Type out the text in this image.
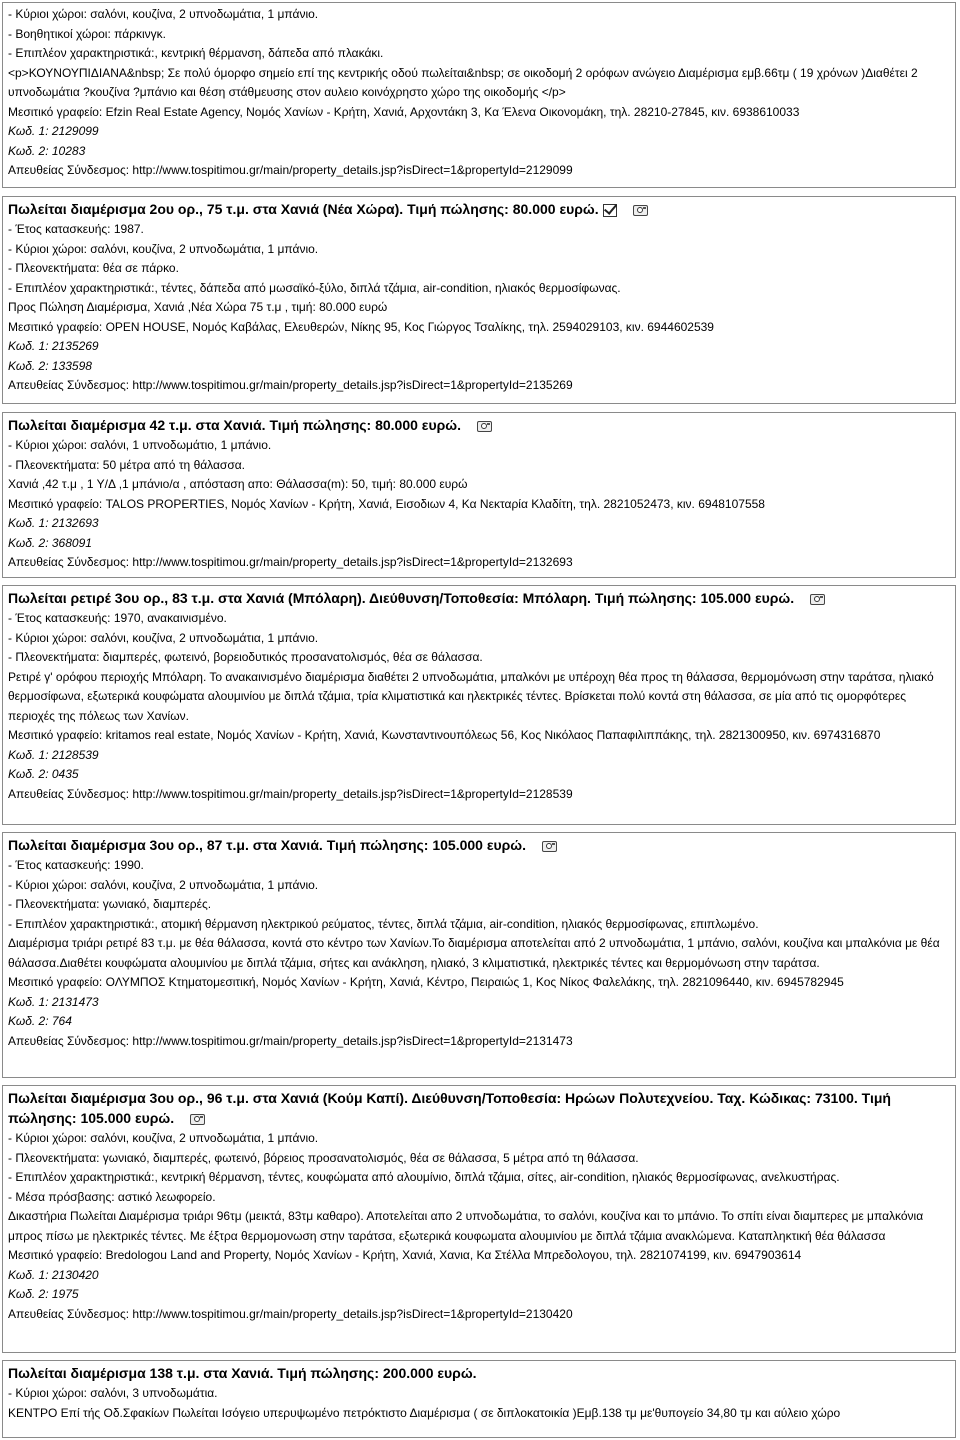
- Κύριοι χώροι: σαλόνι, κουζίνα, 2 υπνοδωμάτια, 1 μπάνιο.

- Βοηθητικοί χώροι: πάρκινγκ.

- Επιπλέον χαρακτηριστικά:, κεντρική θέρμανση, δάπεδα από πλακάκι.

<p>ΚΟΥΝΟΥΠΙΔΙΑΝΑ&nbsp; Σε πολύ όμορφο σημείο επί της κεντρικής οδού πωλείται&nbsp; σε οικοδομή 2 ορόφων ανώγειο Διαμέρισμα εμβ.66τμ ( 19 χρόνων )Διαθέτει 2 υπνοδωμάτια ?κουζίνα ?μπάνιο και θέση στάθμευσης στον αυλειο κοινόχρηστο χώρο της οικοδομής </p>

Μεσιτικό γραφείο: Efzin Real Estate Agency, Νομός Χανίων - Κρήτη, Χανιά, Αρχοντάκη 3, Κα Έλενα Οικονομάκη, τηλ. 28210-27845, κιν. 6938610033

Κωδ. 1: 2129099

Κωδ. 2: 10283

Απευθείας Σύνδεσμος: http://www.tospitimou.gr/main/property_details.jsp?isDirect=1&propertyId=2129099

Πωλείται διαμέρισμα 2ου ορ., 75 τ.μ. στα Χανιά (Νέα Χώρα). Τιμή πώλησης: 80.000 ευρώ.

- Έτος κατασκευής: 1987.

- Κύριοι χώροι: σαλόνι, κουζίνα, 2 υπνοδωμάτια, 1 μπάνιο.

- Πλεονεκτήματα: θέα σε πάρκο.

- Επιπλέον χαρακτηριστικά:, τέντες, δάπεδα από μωσαϊκό-ξύλο, διπλά τζάμια, air-condition, ηλιακός θερμοσίφωνας.

Προς Πώληση Διαμέρισμα, Χανιά ,Νέα Χώρα 75 τ.μ , τιμή: 80.000 ευρώ

Μεσιτικό γραφείο: OPEN HOUSE, Νομός Καβάλας, Ελευθερών, Νίκης 95, Κος Γιώργος Τσαλίκης, τηλ. 2594029103, κιν. 6944602539

Κωδ. 1: 2135269

Κωδ. 2: 133598

Απευθείας Σύνδεσμος: http://www.tospitimou.gr/main/property_details.jsp?isDirect=1&propertyId=2135269

Πωλείται διαμέρισμα 42 τ.μ. στα Χανιά. Τιμή πώλησης: 80.000 ευρώ.

- Κύριοι χώροι: σαλόνι, 1 υπνοδωμάτιο, 1 μπάνιο.

- Πλεονεκτήματα: 50 μέτρα από τη θάλασσα.

Χανιά ,42 τ.μ , 1 Υ/Δ ,1 μπάνιο/α , απόσταση απο: Θάλασσα(m): 50, τιμή: 80.000 ευρώ

Μεσιτικό γραφείο: TALOS PROPERTIES, Νομός Χανίων - Κρήτη, Χανιά, Εισοδιων 4, Κα Νεκταρία Κλαδίτη, τηλ. 2821052473, κιν. 6948107558

Κωδ. 1: 2132693

Κωδ. 2: 368091

Απευθείας Σύνδεσμος: http://www.tospitimou.gr/main/property_details.jsp?isDirect=1&propertyId=2132693

Πωλείται ρετιρέ 3ου ορ., 83 τ.μ. στα Χανιά (Μπόλαρη). Διεύθυνση/Τοποθεσία: Μπόλαρη. Τιμή πώλησης: 105.000 ευρώ.

- Έτος κατασκευής: 1970, ανακαινισμένο.

- Κύριοι χώροι: σαλόνι, κουζίνα, 2 υπνοδωμάτια, 1 μπάνιο.

- Πλεονεκτήματα: διαμπερές, φωτεινό, βορειοδυτικός προσανατολισμός, θέα σε θάλασσα.

Ρετιρέ γ' ορόφου περιοχής Μπόλαρη. Το ανακαινισμένο διαμέρισμα διαθέτει 2 υπνοδωμάτια, μπαλκόνι με υπέροχη θέα προς τη θάλασσα, θερμομόνωση στην ταράτσα, ηλιακό θερμοσίφωνα, εξωτερικά κουφώματα αλουμινίου με διπλά τζάμια, τρία κλιματιστικά και ηλεκτρικές τέντες. Βρίσκεται πολύ κοντά στη θάλασσα, σε μία από τις ομορφότερες περιοχές της πόλεως των Χανίων.

Μεσιτικό γραφείο: kritamos real estate, Νομός Χανίων - Κρήτη, Χανιά, Κωνσταντινουπόλεως 56, Κος Νικόλαος Παπαφιλιππάκης, τηλ. 2821300950, κιν. 6974316870

Κωδ. 1: 2128539

Κωδ. 2: 0435

Απευθείας Σύνδεσμος: http://www.tospitimou.gr/main/property_details.jsp?isDirect=1&propertyId=2128539

Πωλείται διαμέρισμα 3ου ορ., 87 τ.μ. στα Χανιά. Τιμή πώλησης: 105.000 ευρώ.

- Έτος κατασκευής: 1990.

- Κύριοι χώροι: σαλόνι, κουζίνα, 2 υπνοδωμάτια, 1 μπάνιο.

- Πλεονεκτήματα: γωνιακό, διαμπερές.

- Επιπλέον χαρακτηριστικά:, ατομική θέρμανση ηλεκτρικού ρεύματος, τέντες, διπλά τζάμια, air-condition, ηλιακός θερμοσίφωνας, επιπλωμένο.

Διαμέρισμα τριάρι ρετιρέ 83 τ.μ. με θέα θάλασσα, κοντά στο κέντρο των Χανίων.Το διαμέρισμα αποτελείται από 2 υπνοδωμάτια, 1 μπάνιο, σαλόνι, κουζίνα και μπαλκόνια με θέα θάλασσα.Διαθέτει κουφώματα αλουμινίου με διπλά τζάμια, σήτες και ανάκληση, ηλιακό, 3 κλιματιστικά, ηλεκτρικές τέντες και θερμομόνωση στην ταράτσα.

Μεσιτικό γραφείο: ΟΛΥΜΠΟΣ Κτηματομεσιτική, Νομός Χανίων - Κρήτη, Χανιά, Κέντρο, Πειραιώς 1, Κος Νίκος Φαλελάκης, τηλ. 2821096440, κιν. 6945782945

Κωδ. 1: 2131473

Κωδ. 2: 764

Απευθείας Σύνδεσμος: http://www.tospitimou.gr/main/property_details.jsp?isDirect=1&propertyId=2131473

Πωλείται διαμέρισμα 3ου ορ., 96 τ.μ. στα Χανιά (Κούμ Καπί). Διεύθυνση/Τοποθεσία: Ηρώων Πολυτεχνείου. Ταχ. Κώδικας: 73100. Τιμή πώλησης: 105.000 ευρώ.

- Κύριοι χώροι: σαλόνι, κουζίνα, 2 υπνοδωμάτια, 1 μπάνιο.

- Πλεονεκτήματα: γωνιακό, διαμπερές, φωτεινό, βόρειος προσανατολισμός, θέα σε θάλασσα, 5 μέτρα από τη θάλασσα.

- Επιπλέον χαρακτηριστικά:, κεντρική θέρμανση, τέντες, κουφώματα από αλουμίνιο, διπλά τζάμια, σίτες, air-condition, ηλιακός θερμοσίφωνας, ανελκυστήρας.

- Μέσα πρόσβασης: αστικό λεωφορείο.

Δικαστήρια Πωλείται Διαμέρισμα τριάρι 96τμ (μεικτά, 83τμ καθαρο). Αποτελείται απο 2 υπνοδωμάτια, το σαλόνι, κουζίνα και το μπάνιο. Το σπίτι είναι διαμπερες με μπαλκόνια μπρος πίσω με ηλεκτρικές τέντες. Με έξτρα θερμομονωση στην ταράτσα, εξωτερικά κουφωματα αλουμινίου με διπλά τζάμια ανακλώμενα. Καταπληκτική θέα θάλασσα

Μεσιτικό γραφείο: Bredologou Land and Property, Νομός Χανίων - Κρήτη, Χανιά, Χανια, Κα Στέλλα Μπρεδολογου, τηλ. 2821074199, κιν. 6947903614

Κωδ. 1: 2130420

Κωδ. 2: 1975

Απευθείας Σύνδεσμος: http://www.tospitimou.gr/main/property_details.jsp?isDirect=1&propertyId=2130420

Πωλείται διαμέρισμα 138 τ.μ. στα Χανιά. Τιμή πώλησης: 200.000 ευρώ.

- Κύριοι χώροι: σαλόνι, 3 υπνοδωμάτια.

ΚΕΝΤΡΟ Επί τής Οδ.Σφακίων Πωλείται Ισόγειο υπερυψωμένο πετρόκτιστο Διαμέρισμα ( σε διπλοκατοικία )Εμβ.138 τμ με'θυπογείο 34,80 τμ και αύλειο χώρο
